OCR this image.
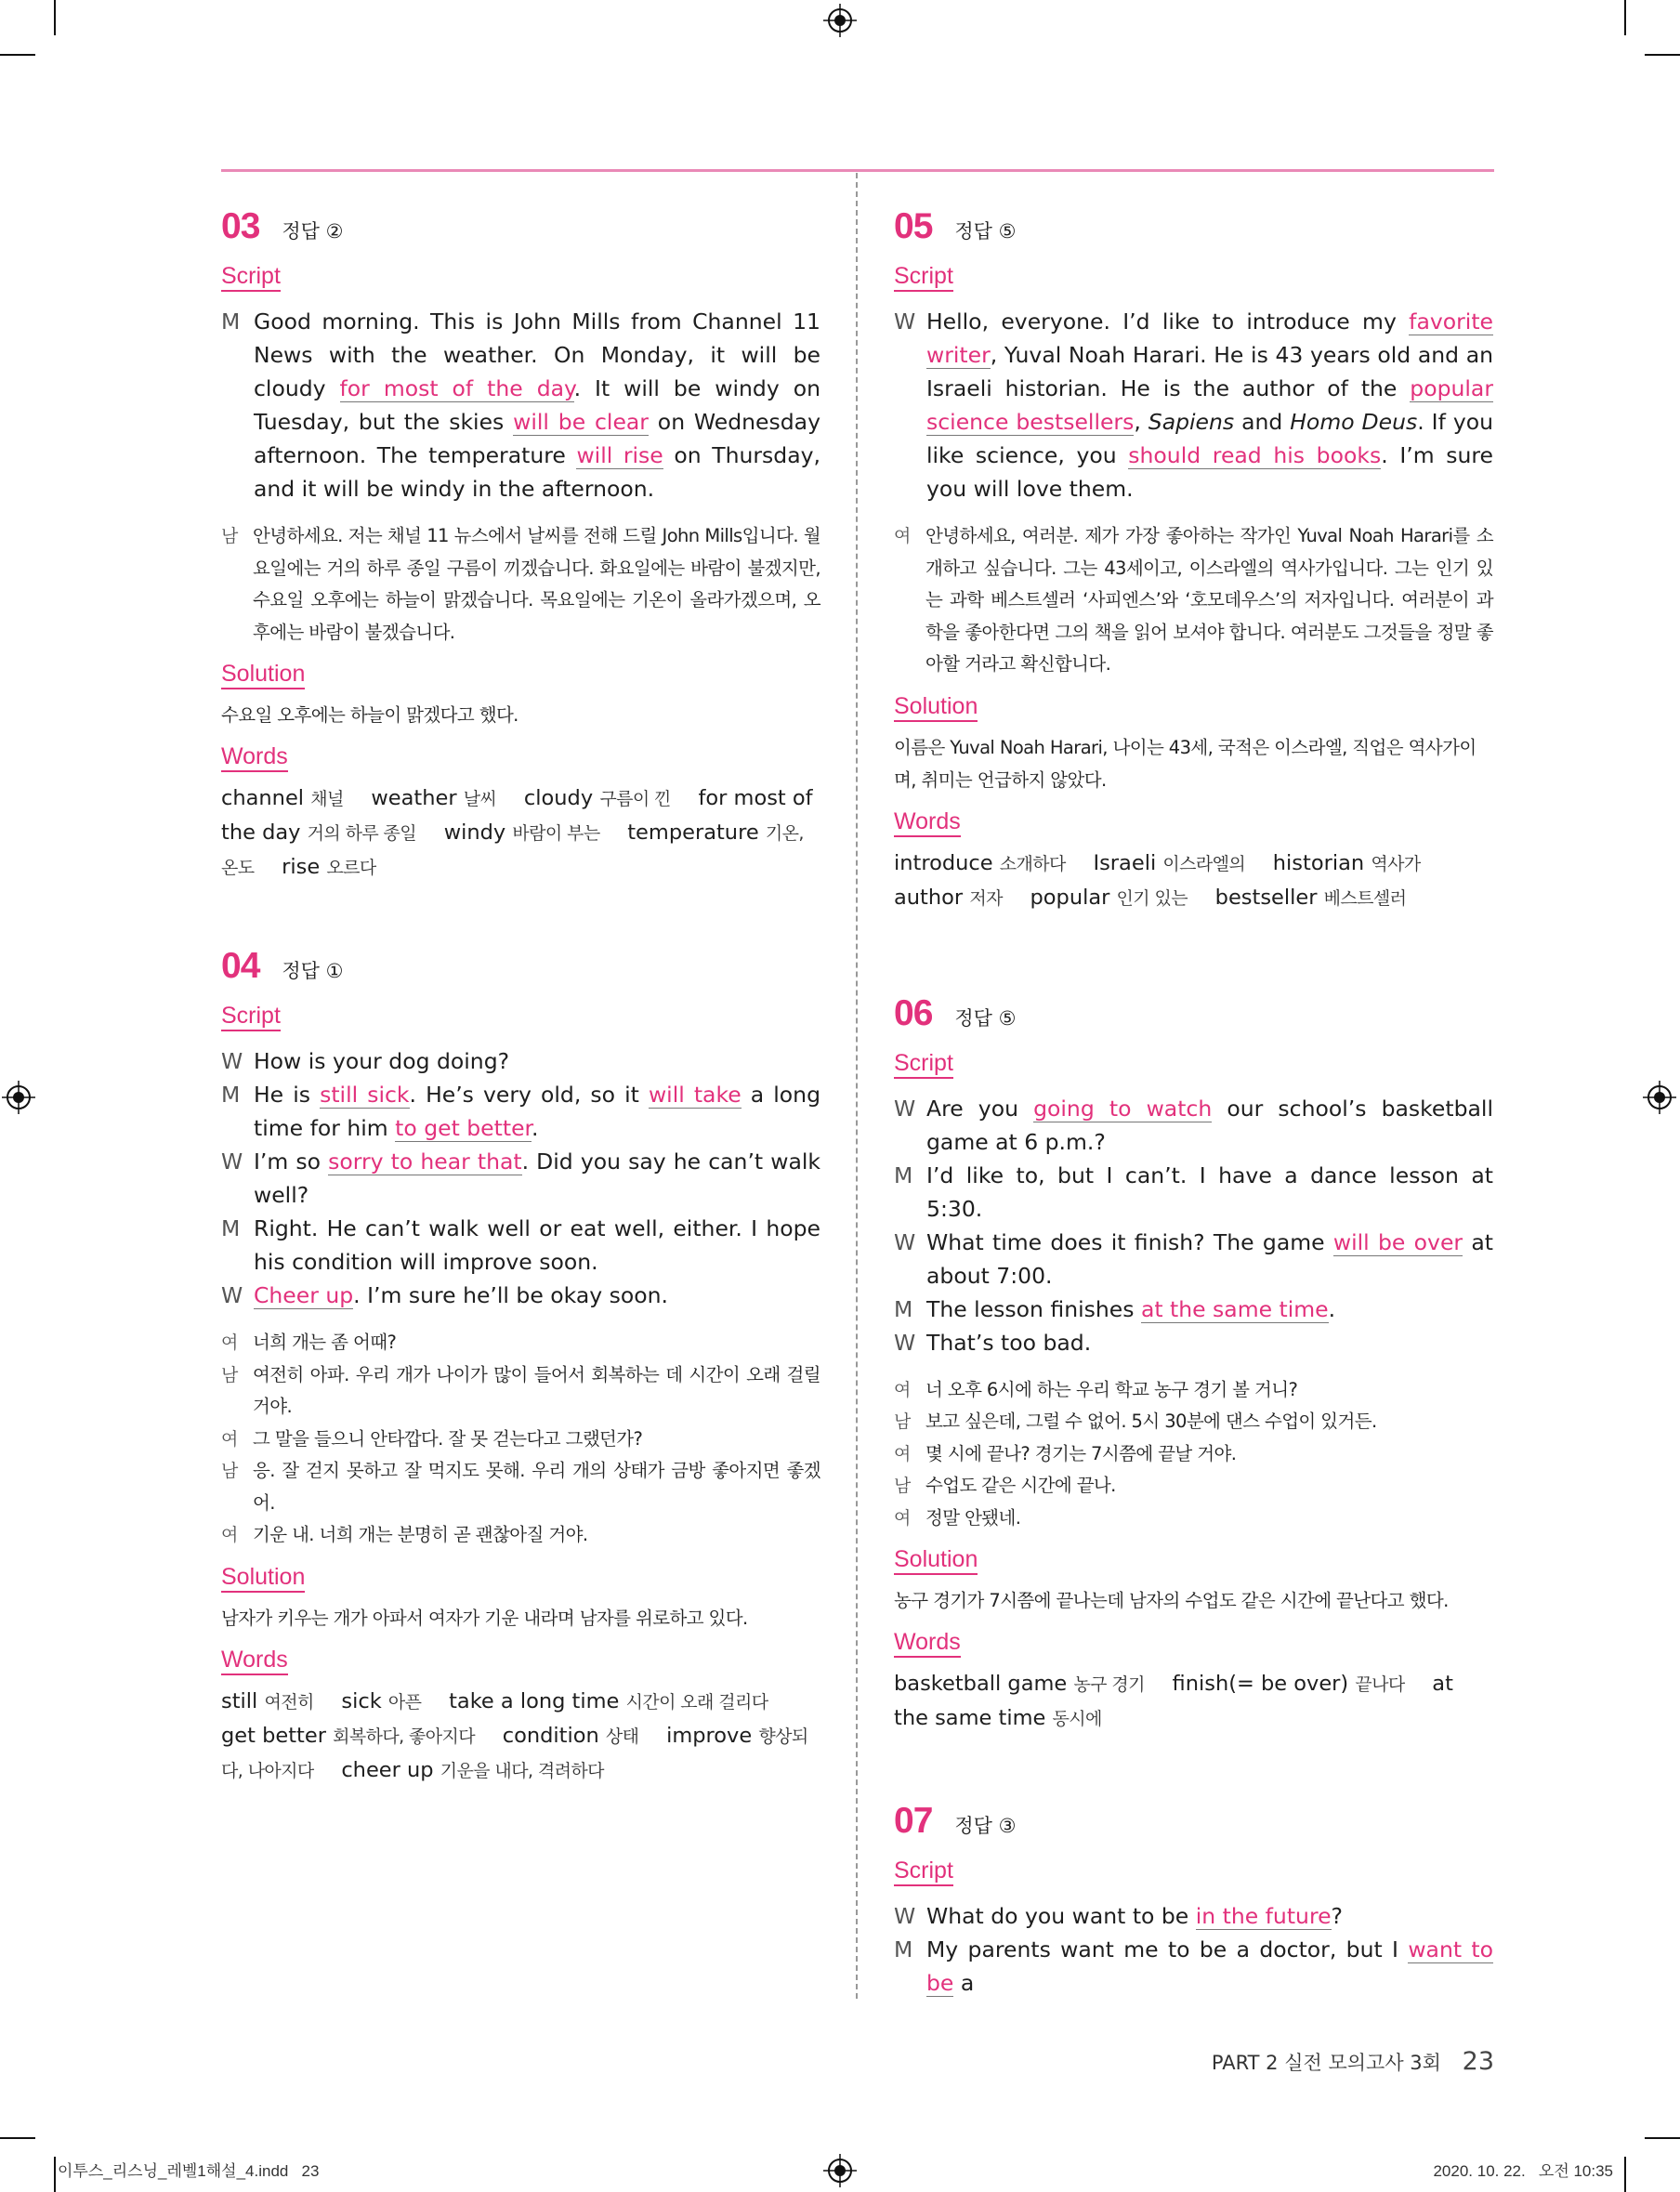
03 정답 ②
Script
M Good morning. This is John Mills from Channel 11 News with the weather. On Monday, it will be cloudy for most of the day. It will be windy on Tuesday, but the skies will be clear on Wednesday afternoon. The temperature will rise on Thursday, and it will be windy in the afternoon.
남 안녕하세요. 저는 채널 11 뉴스에서 날씨를 전해 드릴 John Mills입니다. 월요일에는 거의 하루 종일 구름이 끼겠습니다. 화요일에는 바람이 불겠지만, 수요일 오후에는 하늘이 맑겠습니다. 목요일에는 기온이 올라가겠으며, 오후에는 바람이 불겠습니다.
Solution
수요일 오후에는 하늘이 맑겠다고 했다.
Words
channel 채널  weather 날씨  cloudy 구름이 낀  for most of the day 거의 하루 종일  windy 바람이 부는  temperature 기온, 온도  rise 오르다
04 정답 ①
Script
W How is your dog doing?
M He is still sick. He’s very old, so it will take a long time for him to get better.
W I’m so sorry to hear that. Did you say he can’t walk well?
M Right. He can’t walk well or eat well, either. I hope his condition will improve soon.
W Cheer up. I’m sure he’ll be okay soon.
여 너희 개는 좀 어때?
남 여전히 아파. 우리 개가 나이가 많이 들어서 회복하는 데 시간이 오래 걸릴 거야.
여 그 말을 들으니 안타깝다. 잘 못 걷는다고 그랬던가?
남 응. 잘 걷지 못하고 잘 먹지도 못해. 우리 개의 상태가 금방 좋아지면 좋겠어.
여 기운 내. 너희 개는 분명히 곧 괜찮아질 거야.
Solution
남자가 키우는 개가 아파서 여자가 기운 내라며 남자를 위로하고 있다.
Words
still 여전히  sick 아픈  take a long time 시간이 오래 걸리다  get better 회복하다, 좋아지다  condition 상태  improve 향상되다, 나아지다  cheer up 기운을 내다, 격려하다
05 정답 ⑤
Script
W Hello, everyone. I’d like to introduce my favorite writer, Yuval Noah Harari. He is 43 years old and an Israeli historian. He is the author of the popular science bestsellers, Sapiens and Homo Deus. If you like science, you should read his books. I’m sure you will love them.
여 안녕하세요, 여러분. 제가 가장 좋아하는 작가인 Yuval Noah Harari를 소개하고 싶습니다. 그는 43세이고, 이스라엘의 역사가입니다. 그는 인기 있는 과학 베스트셀러 ‘사피엔스’와 ‘호모데우스’의 저자입니다. 여러분이 과학을 좋아한다면 그의 책을 읽어 보셔야 합니다. 여러분도 그것들을 정말 좋아할 거라고 확신합니다.
Solution
이름은 Yuval Noah Harari, 나이는 43세, 국적은 이스라엘, 직업은 역사가이며, 취미는 언급하지 않았다.
Words
introduce 소개하다  Israeli 이스라엘의  historian 역사가  author 저자  popular 인기 있는  bestseller 베스트셀러
06 정답 ⑤
Script
W Are you going to watch our school’s basketball game at 6 p.m.?
M I’d like to, but I can’t. I have a dance lesson at 5:30.
W What time does it finish? The game will be over at about 7:00.
M The lesson finishes at the same time.
W That’s too bad.
여 너 오후 6시에 하는 우리 학교 농구 경기 볼 거니?
남 보고 싶은데, 그럴 수 없어. 5시 30분에 댄스 수업이 있거든.
여 몇 시에 끝나? 경기는 7시쯤에 끝날 거야.
남 수업도 같은 시간에 끝나.
여 정말 안됐네.
Solution
농구 경기가 7시쯤에 끝나는데 남자의 수업도 같은 시간에 끝난다고 했다.
Words
basketball game 농구 경기  finish(= be over) 끝나다  at the same time 동시에
07 정답 ③
Script
W What do you want to be in the future?
M My parents want me to be a doctor, but I want to be a
PART 2 실전 모의고사 3회 23
이투스_리스닝_레벨1해설_4.indd   23	2020. 10. 22.   오전 10:35
